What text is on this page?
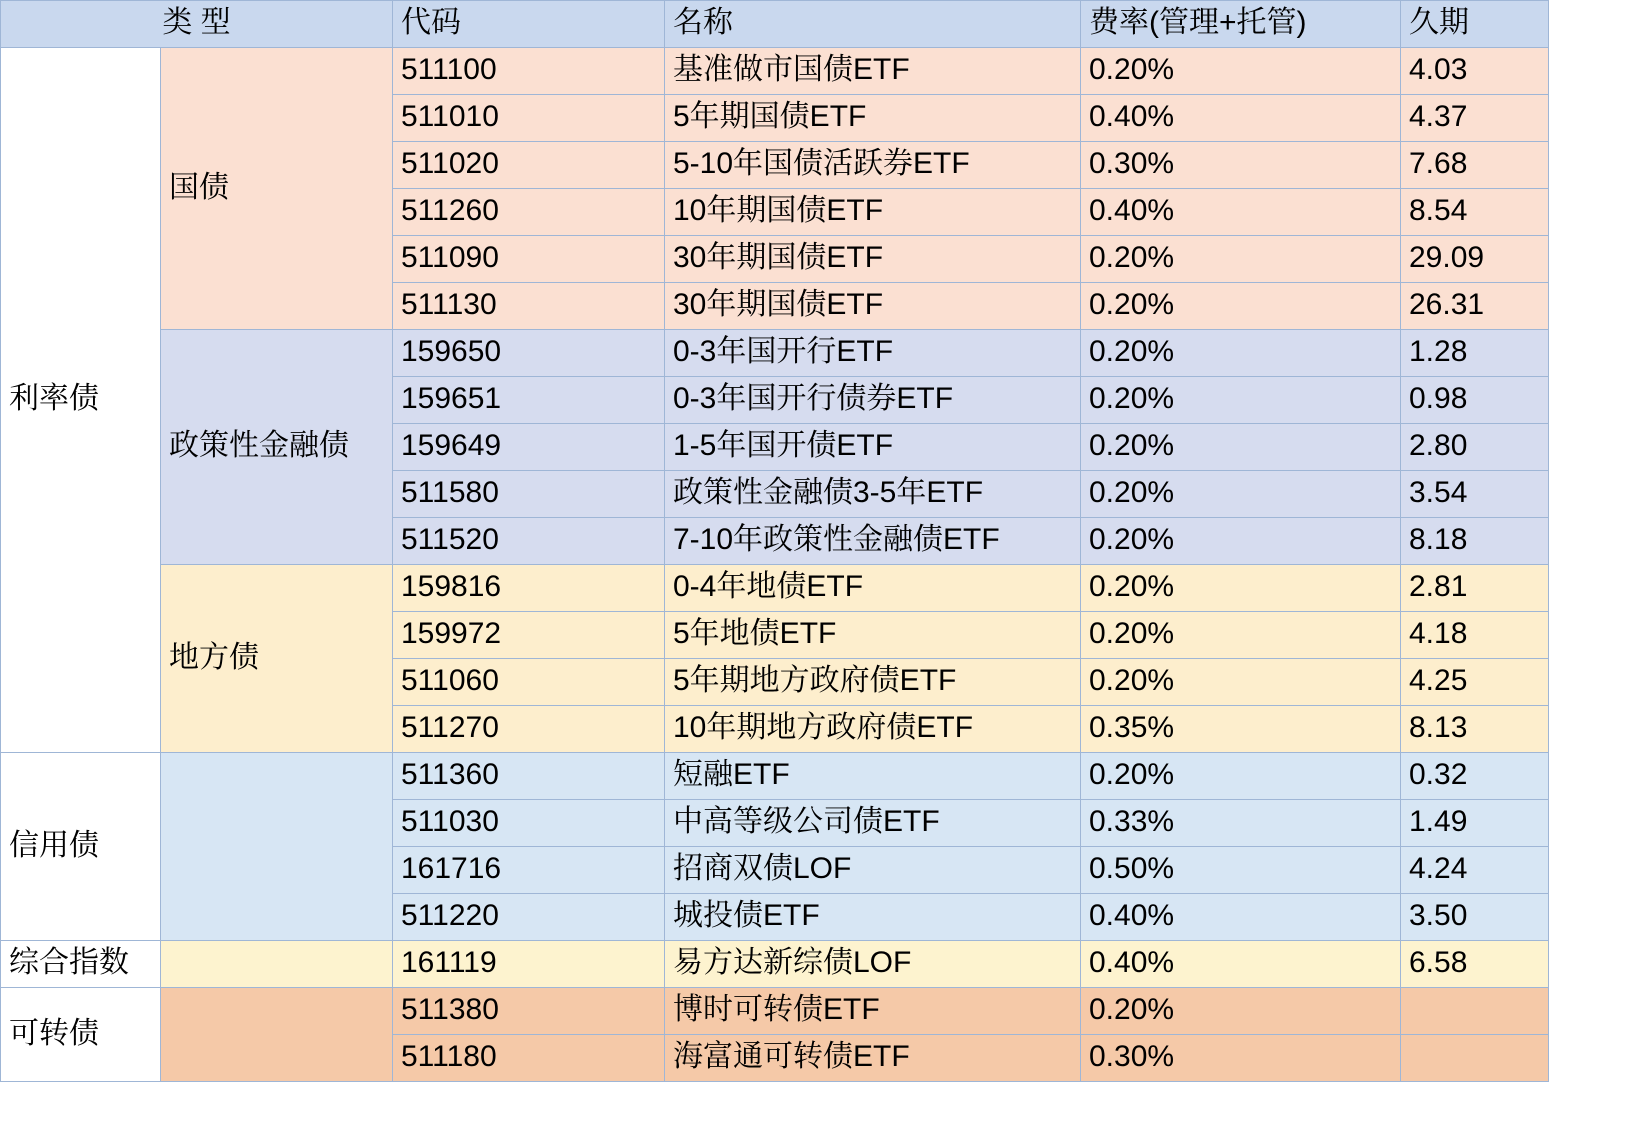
类 型		代码	名称	费率(管理+托管)	久期
利率债	国债	511100	基准做市国债ETF	0.20%	4.03
		511010	5年期国债ETF	0.40%	4.37
		511020	5-10年国债活跃券ETF	0.30%	7.68
		511260	10年期国债ETF	0.40%	8.54
		511090	30年期国债ETF	0.20%	29.09
		511130	30年期国债ETF	0.20%	26.31
	政策性金融债	159650	0-3年国开行ETF	0.20%	1.28
		159651	0-3年国开行债券ETF	0.20%	0.98
		159649	1-5年国开债ETF	0.20%	2.80
		511580	政策性金融债3-5年ETF	0.20%	3.54
		511520	7-10年政策性金融债ETF	0.20%	8.18
	地方债	159816	0-4年地债ETF	0.20%	2.81
		159972	5年地债ETF	0.20%	4.18
		511060	5年期地方政府债ETF	0.20%	4.25
		511270	10年期地方政府债ETF	0.35%	8.13
信用债		511360	短融ETF	0.20%	0.32
		511030	中高等级公司债ETF	0.33%	1.49
		161716	招商双债LOF	0.50%	4.24
		511220	城投债ETF	0.40%	3.50
综合指数		161119	易方达新综债LOF	0.40%	6.58
可转债		511380	博时可转债ETF	0.20%	
		511180	海富通可转债ETF	0.30%	
